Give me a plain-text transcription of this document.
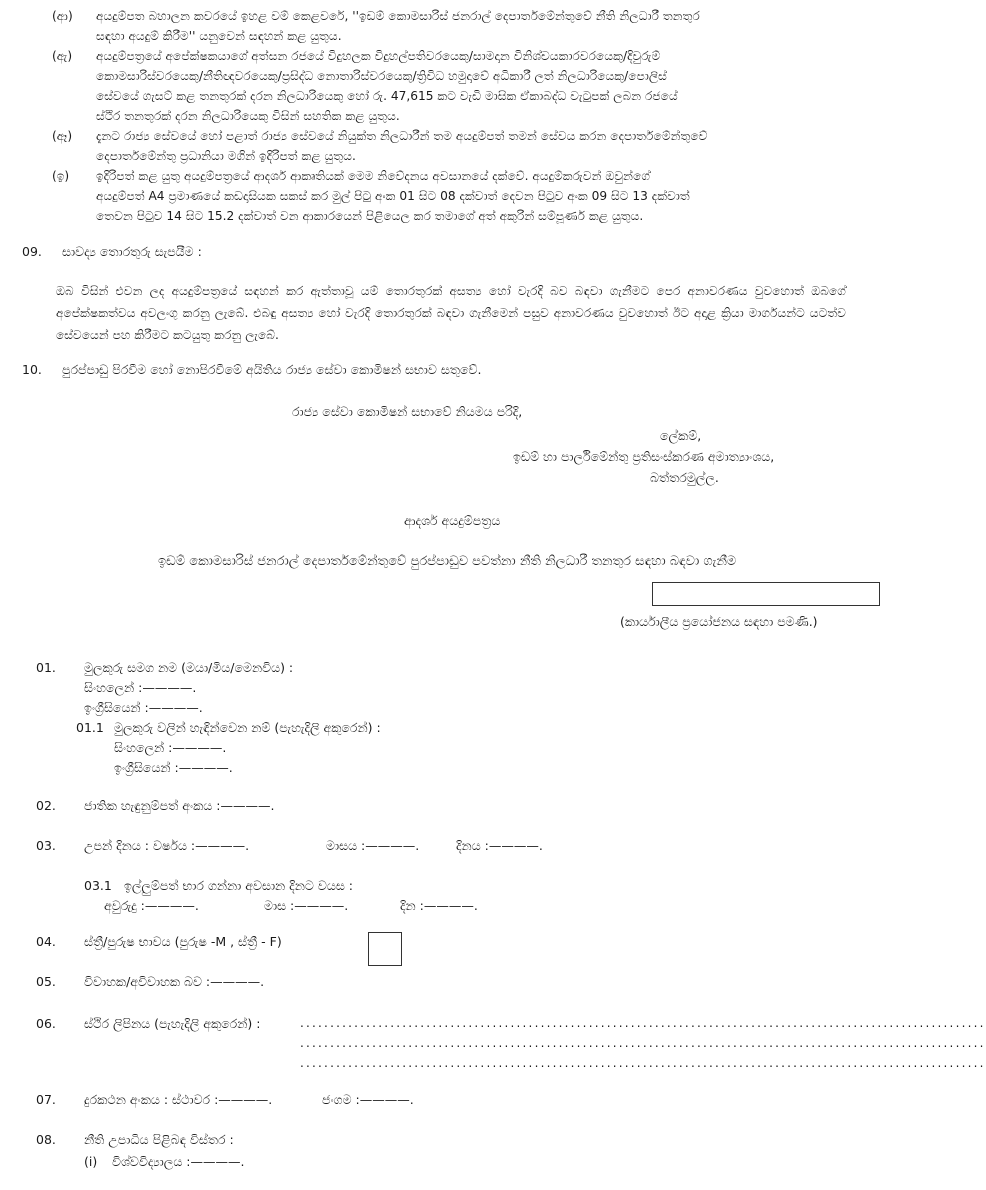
(ආ) අයදුම්පත බහාලන කවරයේ ඉහළ වම් කෙළවරේ, ''ඉඩම් කොමසාරිස් ජනරාල් දෙපාර්තමේන්තුවේ නීති නිලධාරී තනතුර
සඳහා අයදුම් කිරීම'' යනුවෙන් සඳහන් කළ යුතුය.
(ඇ) අයදුම්පත්‍රයේ අපේක්ෂකයාගේ අත්සන රජයේ විදුහලක විදුහල්පතිවරයෙකු/සාමදාන විනිශ්චයකාරවරයෙකු/දිවුරුම්
කොමසාරිස්වරයෙකු/නීතිඥවරයෙකු/ප්‍රසිද්ධ නොතාරිස්වරයෙකු/ත්‍රිවිධ හමුදාවේ අධිකාරී ලත් නිලධාරියෙකු/පොලිස්
සේවයේ ගැසට් කළ තනතුරක් දරන නිලධාරියෙකු හෝ රු. 47,615 කට වැඩි මාසික ඒකාබද්ධ වැටුපක් ලබන රජයේ
ස්ථිර තනතුරක් දරන නිලධාරියෙකු විසින් සහතික කළ යුතුය.
(ඈ) දැනට රාජ්‍ය සේවයේ හෝ පළාත් රාජ්‍ය සේවයේ නියුක්ත නිලධාරීන් තම අයදුම්පත් තමන් සේවය කරන දෙපාර්තමේන්තුවේ
දෙපාර්තමේන්තු ප්‍රධානියා මගින් ඉදිරිපත් කළ යුතුය.
(ඉ) ඉදිරිපත් කළ යුතු අයදුම්පත්‍රයේ ආදර්ශ ආකෘතියක් මෙම නිවේදනය අවසානයේ දක්වේ. අයදුම්කරුවන් ඔවුන්ගේ
අයදුම්පත් A4 ප්‍රමාණයේ කඩදාසියක සකස් කර මුල් පිටු අංක 01 සිට 08 දක්වාත් දෙවන පිටුව අංක 09 සිට 13 දක්වාත්
තෙවන පිටුව 14 සිට 15.2 දක්වාත් වන ආකාරයෙන් පිළියෙල කර තමාගේ අත් අකුරින් සම්පූර්ණ කළ යුතුය.
09. සාවද්‍ය තොරතුරු සැපයීම :
ඔබ විසින් එවන ලද අයදුම්පත්‍රයේ සඳහන් කර ඇත්තාවූ යම් තොරතුරක් අසත්‍ය හෝ වැරදි බව බඳවා ගැනීමට පෙර අනාවරණය වුවහොත් ඔබගේ අපේක්ෂකත්වය අවලංගු කරනු ලැබේ. එබඳු අසත්‍ය හෝ වැරදි තොරතුරක් බඳවා ගැනීමෙන් පසුව අනාවරණය වුවහොත් ඊට අදාළ ක්‍රියා මාර්ගයන්ට යටත්ව සේවයෙන් පහ කිරීමට කටයුතු කරනු ලැබේ.
10. පුරප්පාඩු පිරවීම හෝ නොපිරවීමේ අයිතිය රාජ්‍ය සේවා කොමිෂන් සභාව සතුවේ.
රාජ්‍ය සේවා කොමිෂන් සභාවේ නියමය පරිදි,
ලේකම්,
ඉඩම් හා පාර්ලිමේන්තු ප්‍රතිසංස්කරණ අමාත්‍යාංශය,
බත්තරමුල්ල.
ආදර්ශ අයදුම්පත්‍රය
ඉඩම් කොමසාරිස් ජනරාල් දෙපාර්තමේන්තුවේ පුරප්පාඩුව පවත්නා නීති නිලධාරී තනතුර සඳහා බඳවා ගැනීම
(කාර්යාලීය ප්‍රයෝජනය සඳහා පමණි.)
01. මුලකුරු සමග නම (මයා/මිය/මෙනවිය) :
සිංහලෙන් :————.
ඉංග්‍රීසියෙන් :————.
01.1 මුලකුරු වලින් හැඳින්වෙන නම් (පැහැදිලි අකුරෙන්) :
සිංහලෙන් :————.
ඉංග්‍රීසියෙන් :————.
02. ජාතික හැඳුනුම්පත් අංකය :————.
03. උපන් දිනය : වර්ෂය :————.	මාසය :————.	දිනය :————.
03.1 ඉල්ලුම්පත් භාර ගන්නා අවසාන දිනට වයස :
අවුරුදු :————.	මාස :————.	දින :————.
04. ස්ත්‍රී/පුරුෂ භාවය (පුරුෂ -M , ස්ත්‍රී - F)
05. විවාහක/අවිවාහක බව :————.
06. ස්ථිර ලිපිනය (පැහැදිලි අකුරෙන්) :	..................................................................................................................
..................................................................................................................
..................................................................................................................
07. දුරකථන අංකය : ස්ථාවර :————.	ජංගම :————.
08. නීති උපාධිය පිළිබඳ විස්තර :
(i) විශ්වවිද්‍යාලය :————.
